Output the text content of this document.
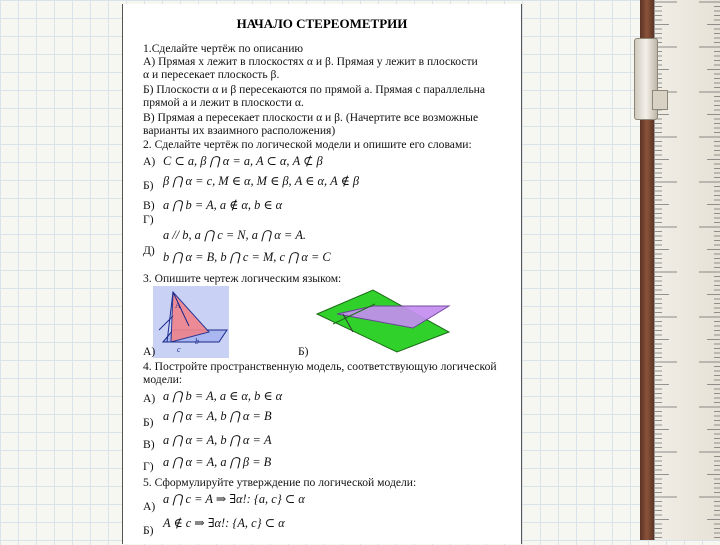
НАЧАЛО СТЕРЕОМЕТРИИ
1.Сделайте чертёж по описанию
А) Прямая x лежит в плоскостях α и β. Прямая y лежит в плоскости
α и пересекает плоскость β.
Б) Плоскости α и β пересекаются по прямой a. Прямая c параллельна
прямой a и лежит в плоскости α.
В) Прямая a пересекает плоскости α и β. (Начертите все возможные
варианты их взаимного расположения)
2. Сделайте чертёж по логической модели и опишите его словами:
А) C ⊂ a, β ⋂ α = a, A ⊂ α, A ⊄ β
Б) β ⋂ α = c, M ∈ α, M ∈ β, A ∈ α, A ∉ β
В) a ⋂ b = A, a ∉ α, b ∈ α
Г)
a // b, a ⋂ c = N, a ⋂ α = A.
Д) b ⋂ α = B, b ⋂ c = M, c ⋂ α = C
3. Опишите чертеж логическим языком:
A
b
c
А)	Б)
4. Постройте пространственную модель, соответствующую логической
модели:
А) a ⋂ b = A, a ∈ α, b ∈ α
Б) a ⋂ α = A, b ⋂ α = B
В) a ⋂ α = A, b ⋂ α = A
Г) a ⋂ α = A, a ⋂ β = B
5. Сформулируйте утверждение по логической модели:
А)
a ⋂ c = A ⇒ ∃α!: {a, c} ⊂ α
Б)
A ∉ c ⇒ ∃α!: {A, c} ⊂ α
